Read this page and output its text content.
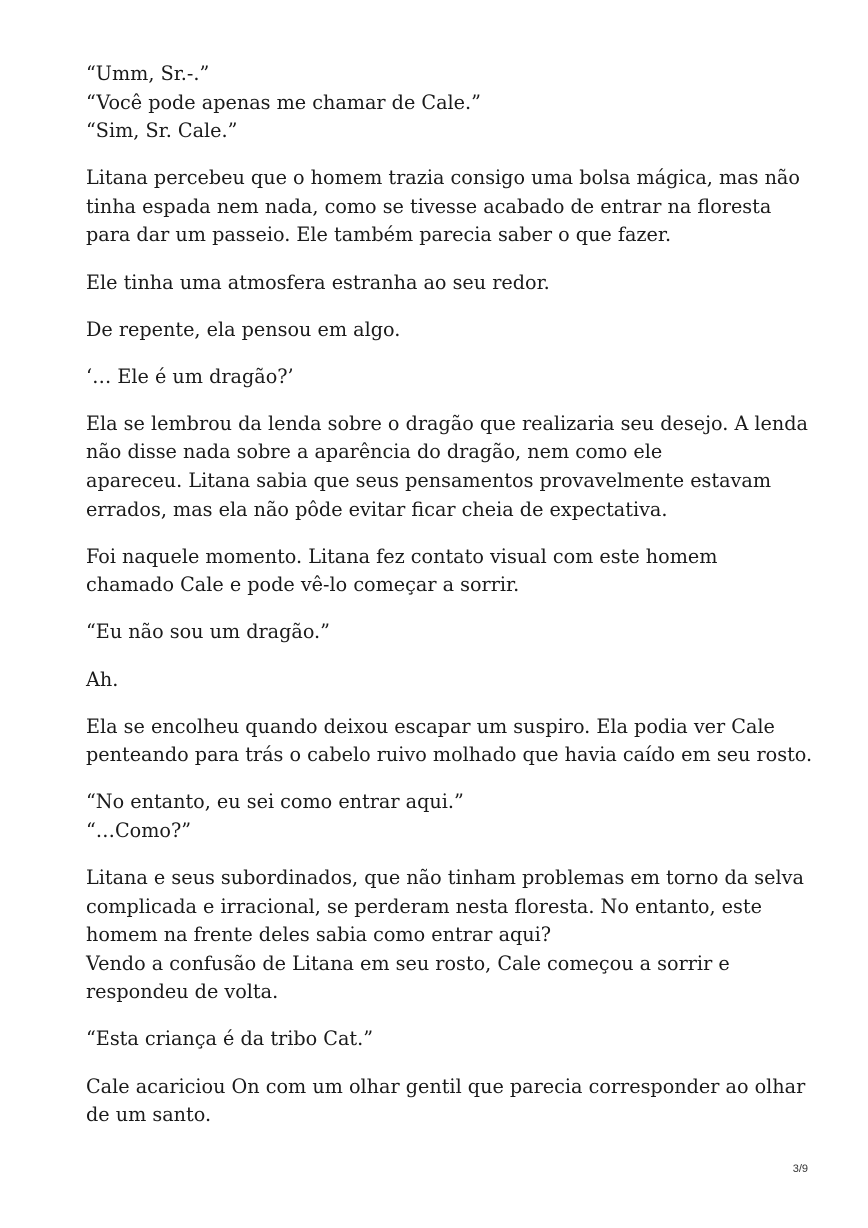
“Umm, Sr.-.”
“Você pode apenas me chamar de Cale.”
“Sim, Sr. Cale.”

Litana percebeu que o homem trazia consigo uma bolsa mágica, mas não
tinha espada nem nada, como se tivesse acabado de entrar na floresta
para dar um passeio. Ele também parecia saber o que fazer.

Ele tinha uma atmosfera estranha ao seu redor.

De repente, ela pensou em algo.

‘… Ele é um dragão?’

Ela se lembrou da lenda sobre o dragão que realizaria seu desejo. A lenda
não disse nada sobre a aparência do dragão, nem como ele
apareceu. Litana sabia que seus pensamentos provavelmente estavam
errados, mas ela não pôde evitar ficar cheia de expectativa.

Foi naquele momento. Litana fez contato visual com este homem
chamado Cale e pode vê-lo começar a sorrir.

“Eu não sou um dragão.”

Ah.

Ela se encolheu quando deixou escapar um suspiro. Ela podia ver Cale
penteando para trás o cabelo ruivo molhado que havia caído em seu rosto.

“No entanto, eu sei como entrar aqui.”
“…Como?”

Litana e seus subordinados, que não tinham problemas em torno da selva
complicada e irracional, se perderam nesta floresta. No entanto, este
homem na frente deles sabia como entrar aqui?
Vendo a confusão de Litana em seu rosto, Cale começou a sorrir e
respondeu de volta.

“Esta criança é da tribo Cat.”

Cale acariciou On com um olhar gentil que parecia corresponder ao olhar
de um santo.

3/9
